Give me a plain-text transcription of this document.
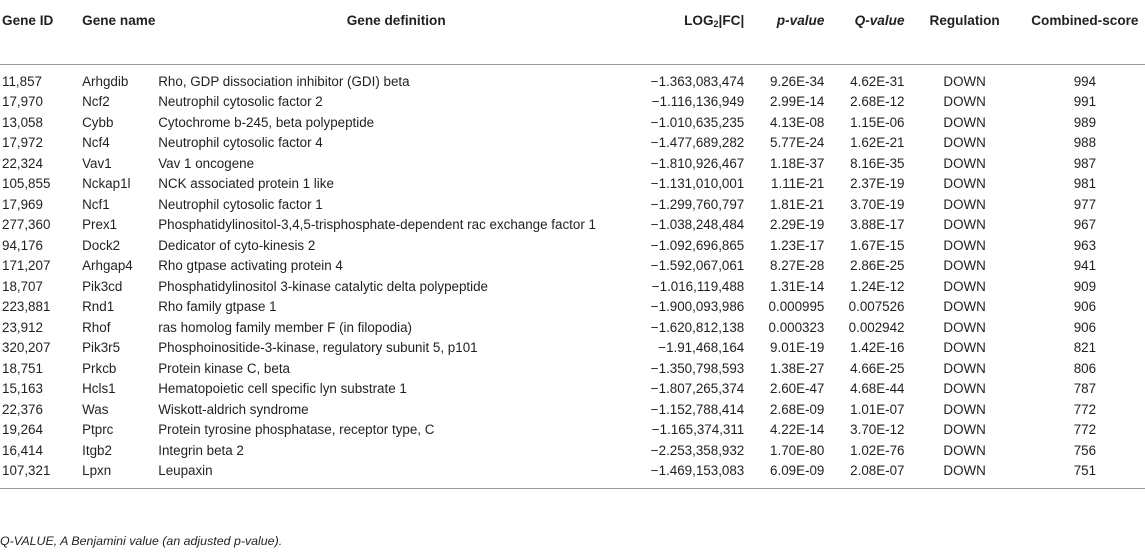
Gene ID	Gene name	Gene definition	$LOG_2|FC|$	p-value	Q-value	Regulation	Combined-score
11,857	Arhgdib	Rho, GDP dissociation inhibitor (GDI) beta	−1.363,083,474	9.26E-34	4.62E-31	DOWN	994
17,970	Ncf2	Neutrophil cytosolic factor 2	−1.116,136,949	2.99E-14	2.68E-12	DOWN	991
13,058	Cybb	Cytochrome b-245, beta polypeptide	−1.010,635,235	4.13E-08	1.15E-06	DOWN	989
17,972	Ncf4	Neutrophil cytosolic factor 4	−1.477,689,282	5.77E-24	1.62E-21	DOWN	988
22,324	Vav1	Vav 1 oncogene	−1.810,926,467	1.18E-37	8.16E-35	DOWN	987
105,855	Nckap1l	NCK associated protein 1 like	−1.131,010,001	1.11E-21	2.37E-19	DOWN	981
17,969	Ncf1	Neutrophil cytosolic factor 1	−1.299,760,797	1.81E-21	3.70E-19	DOWN	977
277,360	Prex1	Phosphatidylinositol-3,4,5-trisphosphate-dependent rac exchange factor 1	−1.038,248,484	2.29E-19	3.88E-17	DOWN	967
94,176	Dock2	Dedicator of cyto-kinesis 2	−1.092,696,865	1.23E-17	1.67E-15	DOWN	963
171,207	Arhgap4	Rho gtpase activating protein 4	−1.592,067,061	8.27E-28	2.86E-25	DOWN	941
18,707	Pik3cd	Phosphatidylinositol 3-kinase catalytic delta polypeptide	−1.016,119,488	1.31E-14	1.24E-12	DOWN	909
223,881	Rnd1	Rho family gtpase 1	−1.900,093,986	0.000995	0.007526	DOWN	906
23,912	Rhof	ras homolog family member F (in filopodia)	−1.620,812,138	0.000323	0.002942	DOWN	906
320,207	Pik3r5	Phosphoinositide-3-kinase, regulatory subunit 5, p101	−1.91,468,164	9.01E-19	1.42E-16	DOWN	821
18,751	Prkcb	Protein kinase C, beta	−1.350,798,593	1.38E-27	4.66E-25	DOWN	806
15,163	Hcls1	Hematopoietic cell specific lyn substrate 1	−1.807,265,374	2.60E-47	4.68E-44	DOWN	787
22,376	Was	Wiskott-aldrich syndrome	−1.152,788,414	2.68E-09	1.01E-07	DOWN	772
19,264	Ptprc	Protein tyrosine phosphatase, receptor type, C	−1.165,374,311	4.22E-14	3.70E-12	DOWN	772
16,414	Itgb2	Integrin beta 2	−2.253,358,932	1.70E-80	1.02E-76	DOWN	756
107,321	Lpxn	Leupaxin	−1.469,153,083	6.09E-09	2.08E-07	DOWN	751
Q-VALUE, A Benjamini value (an adjusted p-value).
